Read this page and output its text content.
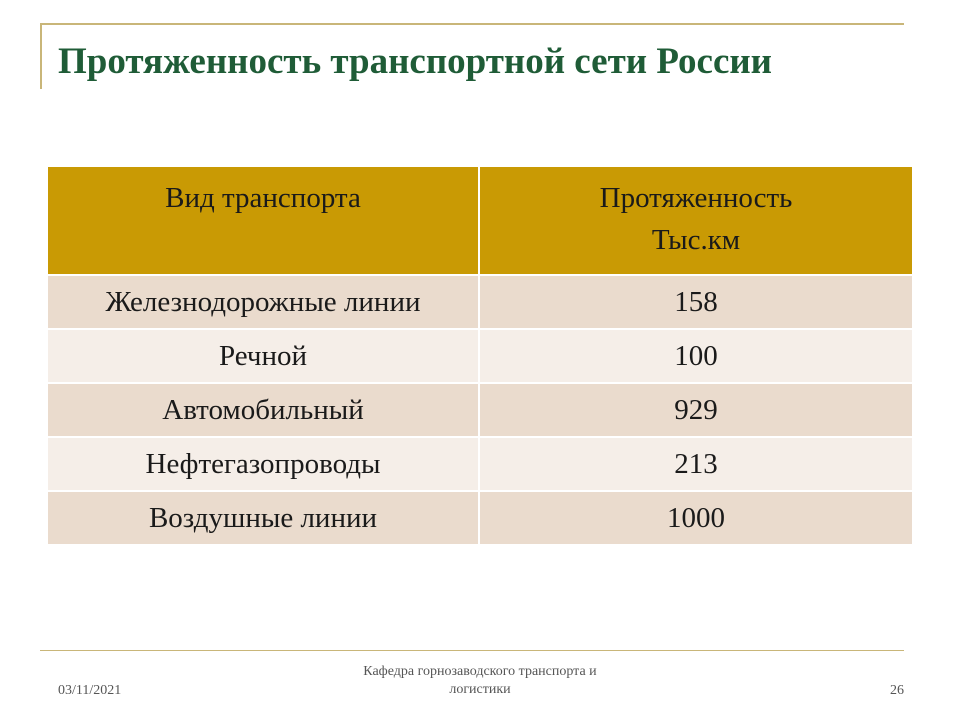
Протяженность транспортной сети России
Вид транспорта	Протяженность
Тыс.км

Железнодорожные линии	158
Речной	100
Автомобильный	929
Нефтегазопроводы	213
Воздушные линии	1000
03/11/2021
Кафедра горнозаводского транспорта и
логистики	26
